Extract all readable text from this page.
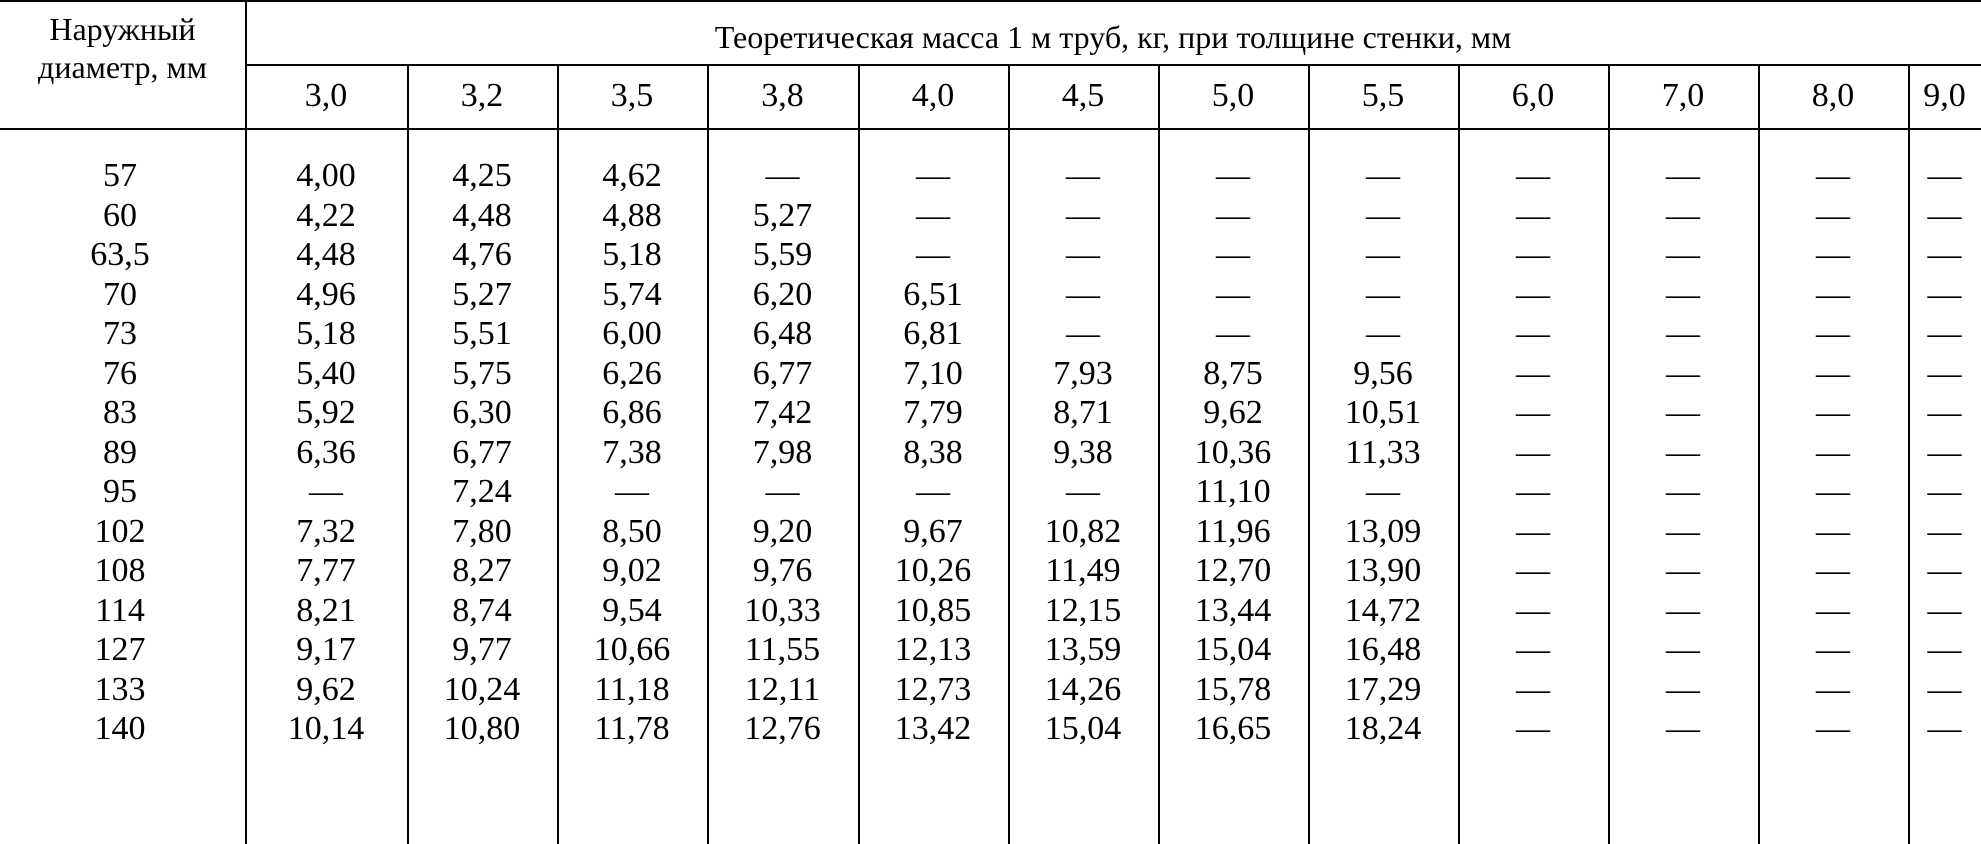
Наружный
диаметр, мм
Теоретическая масса 1 м труб, кг, при толщине стенки, мм
3,0	3,2	3,5	3,8	4,0	4,5	5,0	5,5	6,0	7,0	8,0	9,0
57	4,00	4,25	4,62	—	—	—	—	—	—	—	—	—
60	4,22	4,48	4,88	5,27	—	—	—	—	—	—	—	—
63,5	4,48	4,76	5,18	5,59	—	—	—	—	—	—	—	—
70	4,96	5,27	5,74	6,20	6,51	—	—	—	—	—	—	—
73	5,18	5,51	6,00	6,48	6,81	—	—	—	—	—	—	—
76	5,40	5,75	6,26	6,77	7,10	7,93	8,75	9,56	—	—	—	—
83	5,92	6,30	6,86	7,42	7,79	8,71	9,62	10,51	—	—	—	—
89	6,36	6,77	7,38	7,98	8,38	9,38	10,36	11,33	—	—	—	—
95	—	7,24	—	—	—	—	11,10	—	—	—	—	—
102	7,32	7,80	8,50	9,20	9,67	10,82	11,96	13,09	—	—	—	—
108	7,77	8,27	9,02	9,76	10,26	11,49	12,70	13,90	—	—	—	—
114	8,21	8,74	9,54	10,33	10,85	12,15	13,44	14,72	—	—	—	—
127	9,17	9,77	10,66	11,55	12,13	13,59	15,04	16,48	—	—	—	—
133	9,62	10,24	11,18	12,11	12,73	14,26	15,78	17,29	—	—	—	—
140	10,14	10,80	11,78	12,76	13,42	15,04	16,65	18,24	—	—	—	—
